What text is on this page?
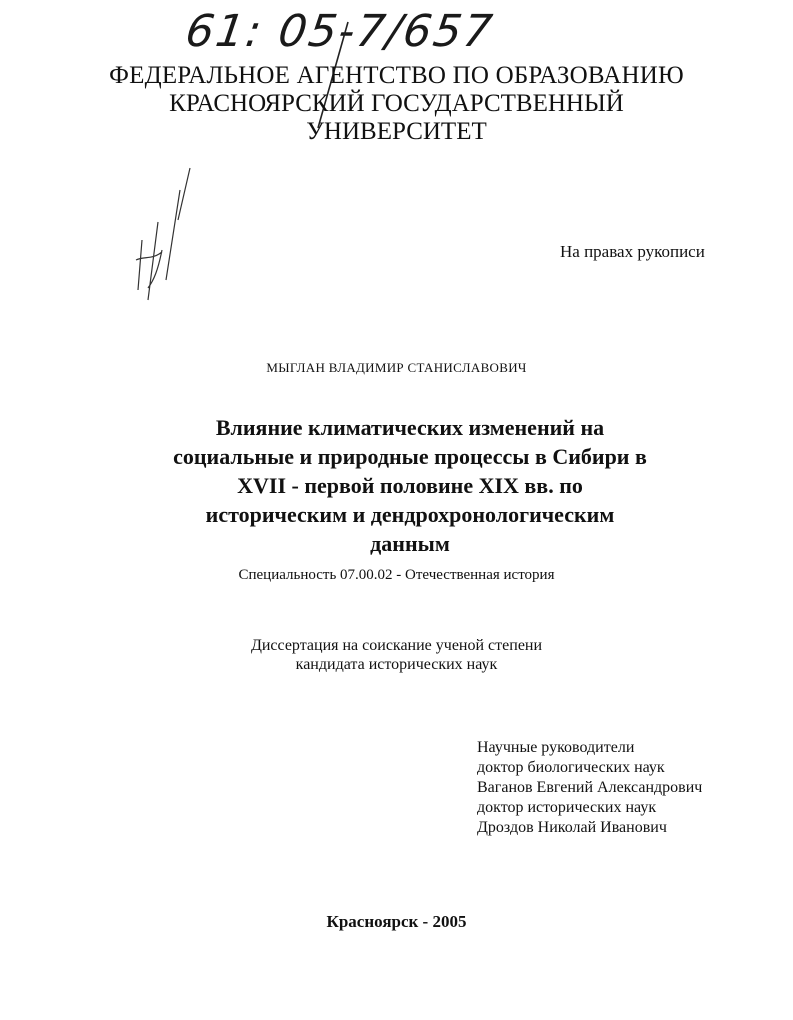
61: 05-7/657
ФЕДЕРАЛЬНОЕ АГЕНТСТВО ПО ОБРАЗОВАНИЮ
КРАСНОЯРСКИЙ ГОСУДАРСТВЕННЫЙ
УНИВЕРСИТЕТ
На правах рукописи
МЫГЛАН ВЛАДИМИР СТАНИСЛАВОВИЧ
Влияние климатических изменений на
социальные и природные процессы в Сибири в
XVII - первой половине XIX вв. по
историческим и дендрохронологическим
данным
Специальность 07.00.02 - Отечественная история
Диссертация на соискание ученой степени
кандидата исторических наук
Научные руководители
доктор биологических наук
Ваганов Евгений Александрович
доктор исторических наук
Дроздов Николай Иванович
Красноярск - 2005
